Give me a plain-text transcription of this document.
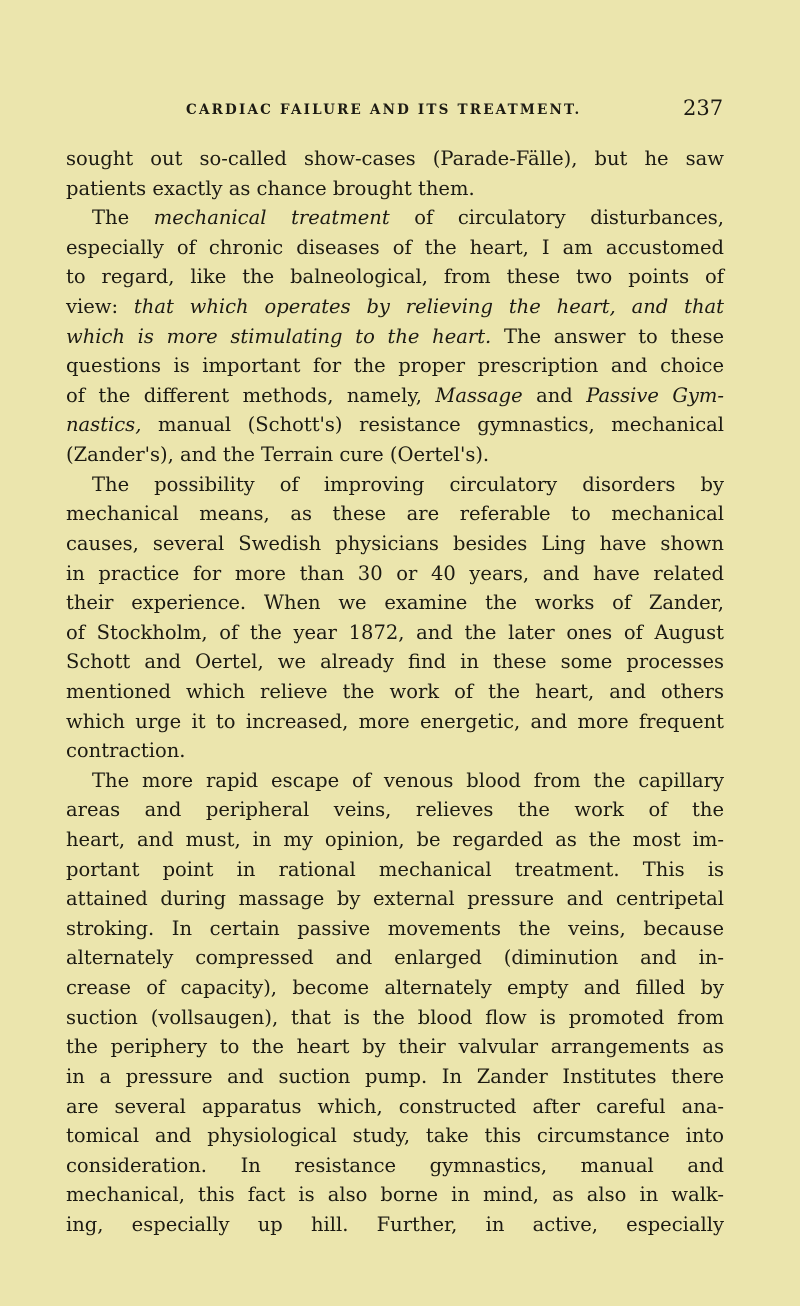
CARDIAC FAILURE AND ITS TREATMENT.	237
sought out so-called show-cases (Parade-Fälle), but he saw
patients exactly as chance brought them.
The mechanical treatment of circulatory disturbances,
especially of chronic diseases of the heart, I am accustomed
to regard, like the balneological, from these two points of
view: that which operates by relieving the heart, and that
which is more stimulating to the heart. The answer to these
questions is important for the proper prescription and choice
of the different methods, namely, Massage and Passive Gym-
nastics, manual (Schott's) resistance gymnastics, mechanical
(Zander's), and the Terrain cure (Oertel's).
The possibility of improving circulatory disorders by
mechanical means, as these are referable to mechanical
causes, several Swedish physicians besides Ling have shown
in practice for more than 30 or 40 years, and have related
their experience. When we examine the works of Zander,
of Stockholm, of the year 1872, and the later ones of August
Schott and Oertel, we already find in these some processes
mentioned which relieve the work of the heart, and others
which urge it to increased, more energetic, and more frequent
contraction.
The more rapid escape of venous blood from the capillary
areas and peripheral veins, relieves the work of the
heart, and must, in my opinion, be regarded as the most im-
portant point in rational mechanical treatment. This is
attained during massage by external pressure and centripetal
stroking. In certain passive movements the veins, because
alternately compressed and enlarged (diminution and in-
crease of capacity), become alternately empty and filled by
suction (vollsaugen), that is the blood flow is promoted from
the periphery to the heart by their valvular arrangements as
in a pressure and suction pump. In Zander Institutes there
are several apparatus which, constructed after careful ana-
tomical and physiological study, take this circumstance into
consideration. In resistance gymnastics, manual and
mechanical, this fact is also borne in mind, as also in walk-
ing, especially up hill. Further, in active, especially
